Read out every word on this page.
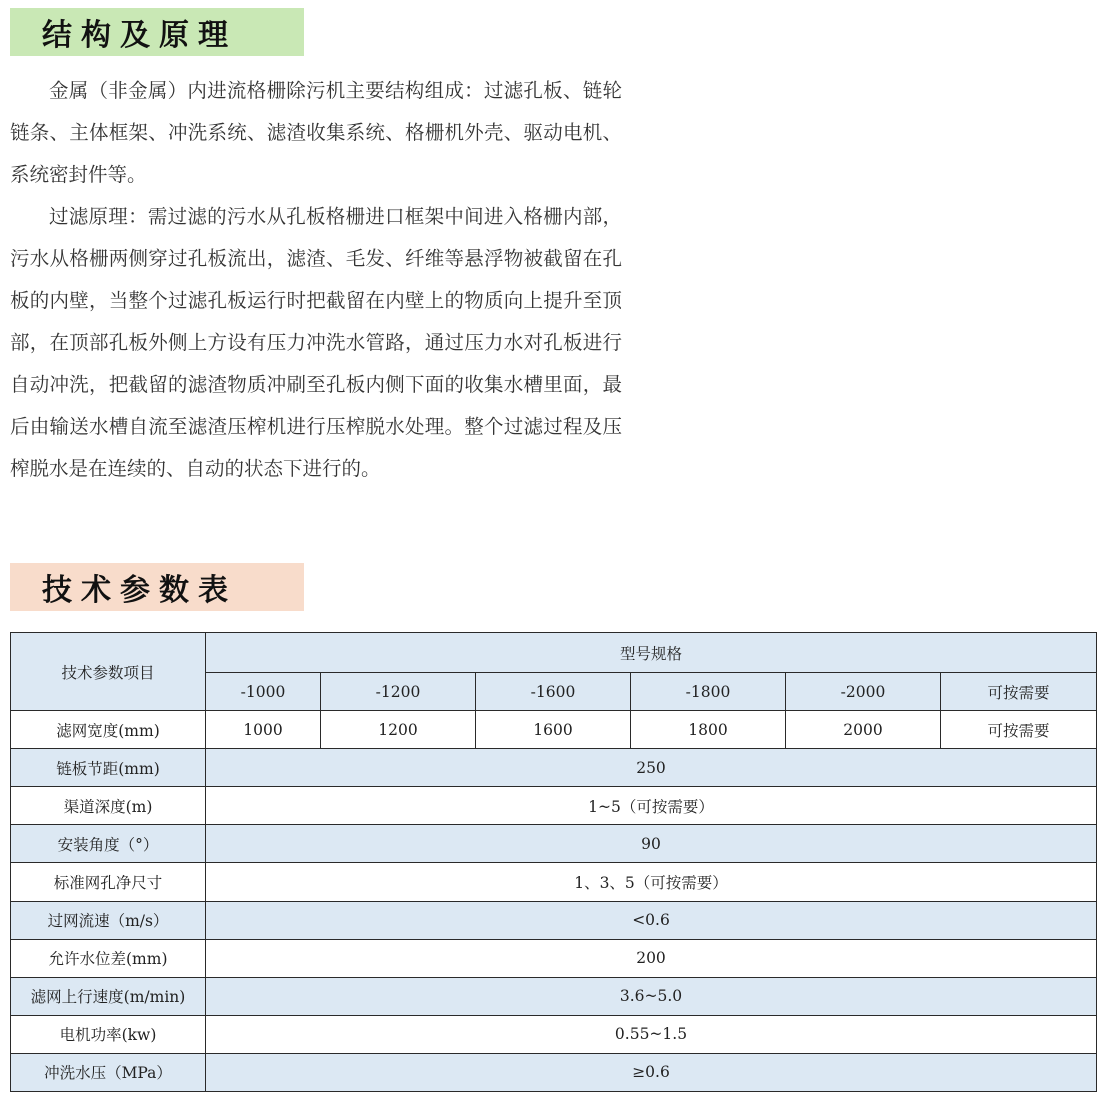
结构及原理

金属（非金属）内进流格栅除污机主要结构组成：过滤孔板、链轮链条、主体框架、冲洗系统、滤渣收集系统、格栅机外壳、驱动电机、系统密封件等。

过滤原理：需过滤的污水从孔板格栅进口框架中间进入格栅内部，污水从格栅两侧穿过孔板流出，滤渣、毛发、纤维等悬浮物被截留在孔板的内壁，当整个过滤孔板运行时把截留在内壁上的物质向上提升至顶部，在顶部孔板外侧上方设有压力冲洗水管路，通过压力水对孔板进行自动冲洗，把截留的滤渣物质冲刷至孔板内侧下面的收集水槽里面，最后由输送水槽自流至滤渣压榨机进行压榨脱水处理。整个过滤过程及压榨脱水是在连续的、自动的状态下进行的。

技术参数表
技术参数项目	型号规格					
	-1000	-1200	-1600	-1800	-2000	可按需要
滤网宽度(mm)	1000	1200	1600	1800	2000	可按需要
链板节距(mm)	250					
渠道深度(m)	1~5（可按需要）					
安装角度（°）	90					
标准网孔净尺寸	1、3、5（可按需要）					
过网流速（m/s）	<0.6					
允许水位差(mm)	200					
滤网上行速度(m/min)	3.6~5.0					
电机功率(kw)	0.55~1.5					
冲洗水压（MPa）	≥0.6					
